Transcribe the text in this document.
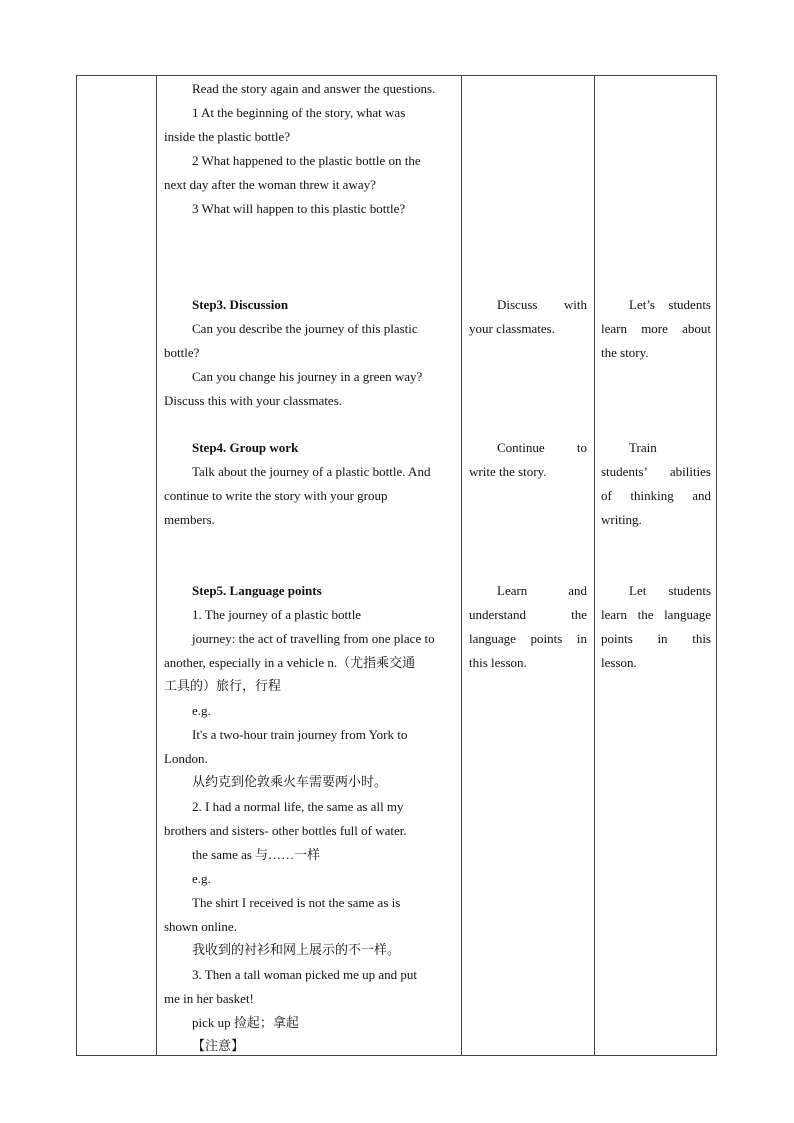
Read the story again and answer the questions.
1 At the beginning of the story, what was
inside the plastic bottle?
2 What happened to the plastic bottle on the
next day after the woman threw it away?
3 What will happen to this plastic bottle?
Step3. Discussion
Can you describe the journey of this plastic
bottle?
Can you change his journey in a green way?
Discuss this with your classmates.
Step4. Group work
Talk about the journey of a plastic bottle. And
continue to write the story with your group
members.
Step5. Language points
1. The journey of a plastic bottle
journey: the act of travelling from one place to
another, especially in a vehicle n.（尤指乘交通
工具的）旅行，行程
e.g.
It's a two-hour train journey from York to
London.
从约克到伦敦乘火车需要两小时。
2. I had a normal life, the same as all my
brothers and sisters- other bottles full of water.
the same as 与……一样
e.g.
The shirt I received is not the same as is
shown online.
我收到的衬衫和网上展示的不一样。
3. Then a tall woman picked me up and put
me in her basket!
pick up 捡起；拿起
【注意】
Discuss with
your classmates.
Continue to
write the story.
Learn and
understand the
language points in
this lesson.
Let’s students
learn more about
the story.
Train
students’ abilities
of thinking and
writing.
Let students
learn the language
points in this
lesson.
